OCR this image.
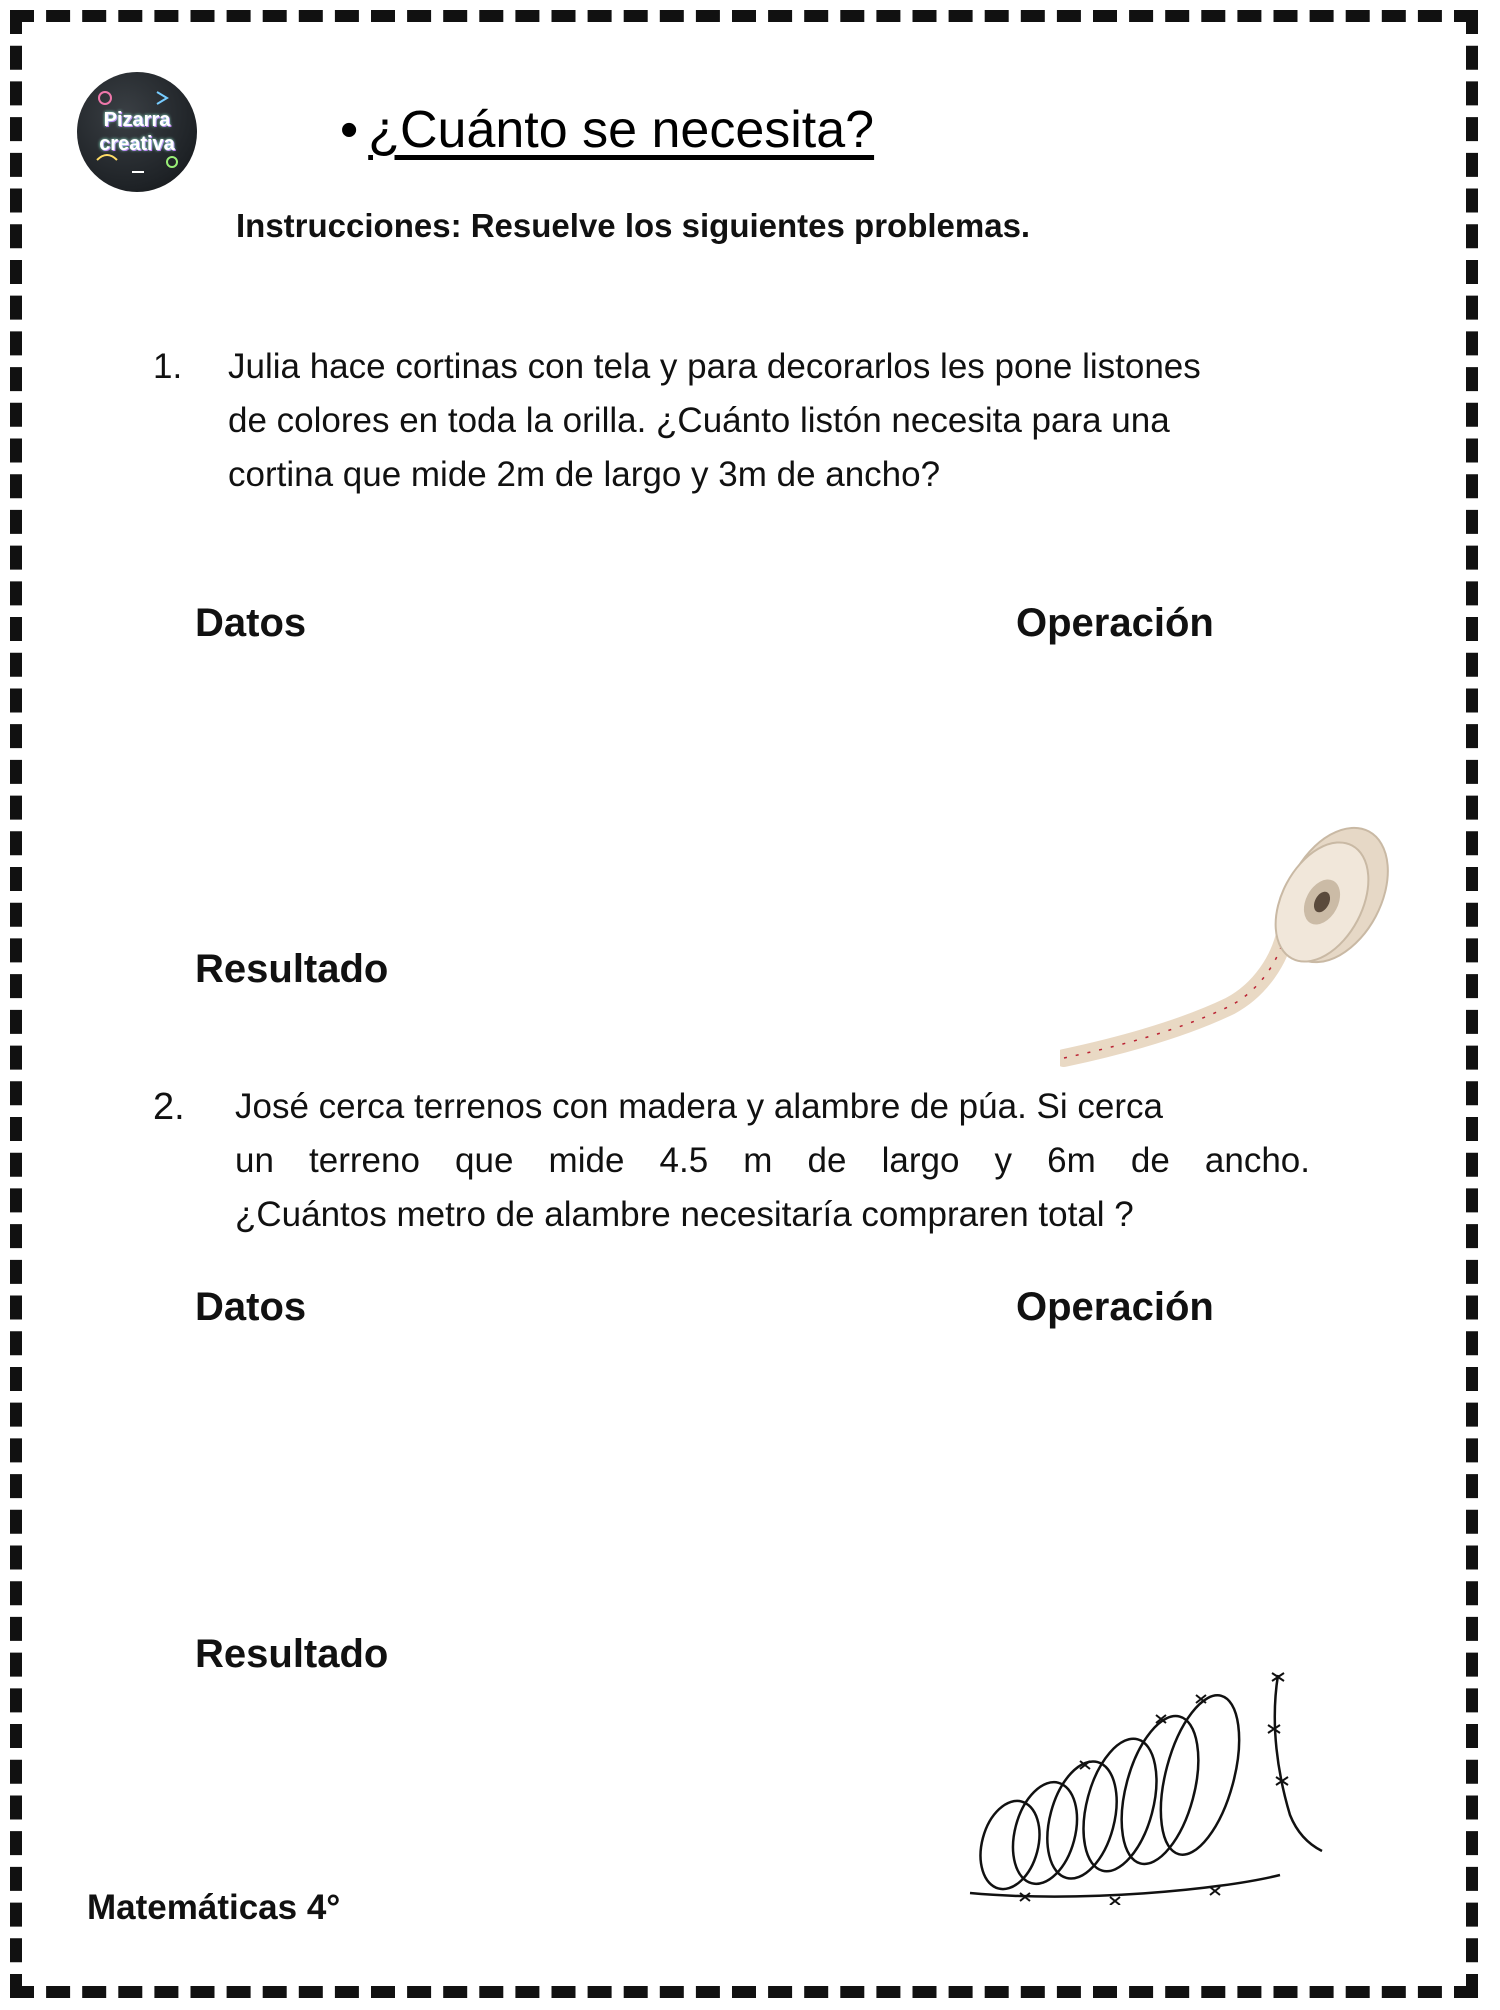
Pizarra
creativa	• ¿Cuánto se necesita?
Instrucciones: Resuelve los siguientes problemas.
1. Julia hace cortinas con tela y para decorarlos les pone listones
de colores en toda la orilla. ¿Cuánto listón necesita para una
cortina que mide 2m de largo y 3m de ancho?
Datos	Operación
Resultado
2. José cerca terrenos con madera y alambre de púa. Si cerca
un terreno que mide 4.5 m de largo y 6m de ancho.
¿Cuántos metro de alambre necesitaría compraren total ?
Datos	Operación
Resultado
Matemáticas 4°
